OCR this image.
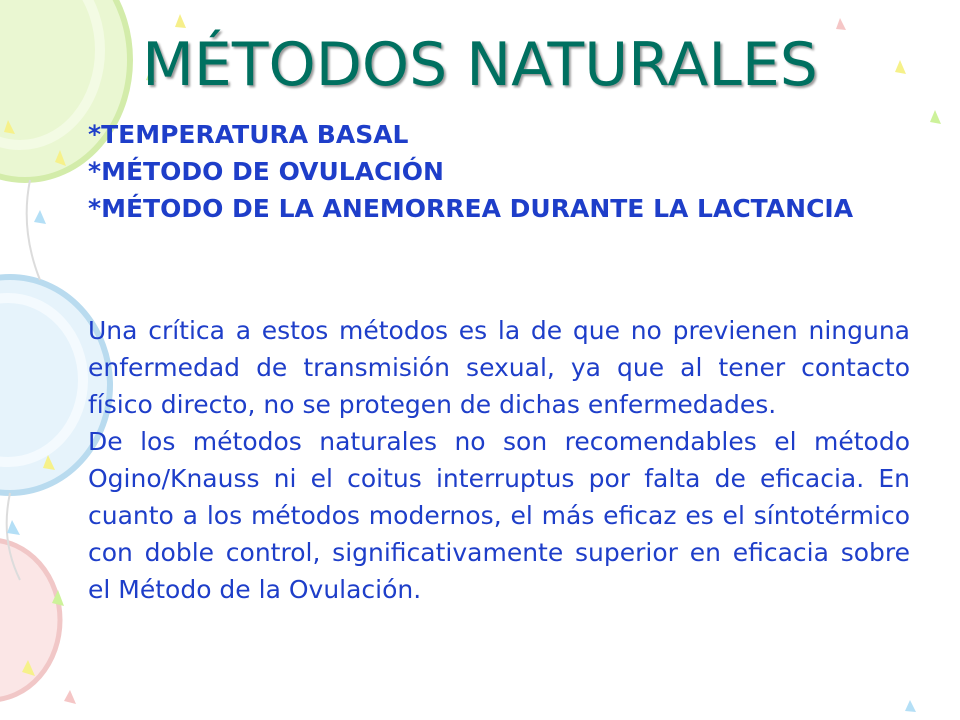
MÉTODOS NATURALES
*TEMPERATURA BASAL
*MÉTODO DE OVULACIÓN
*MÉTODO DE LA ANEMORREA DURANTE LA LACTANCIA

Una crítica a estos métodos es la de que no previenen ninguna enfermedad de transmisión sexual, ya que al tener contacto físico directo, no se protegen de dichas enfermedades.

De los métodos naturales no son recomendables el método Ogino/Knauss ni el coitus interruptus por falta de eficacia. En cuanto a los métodos modernos, el más eficaz es el síntotérmico con doble control, significativamente superior en eficacia sobre el Método de la Ovulación.
